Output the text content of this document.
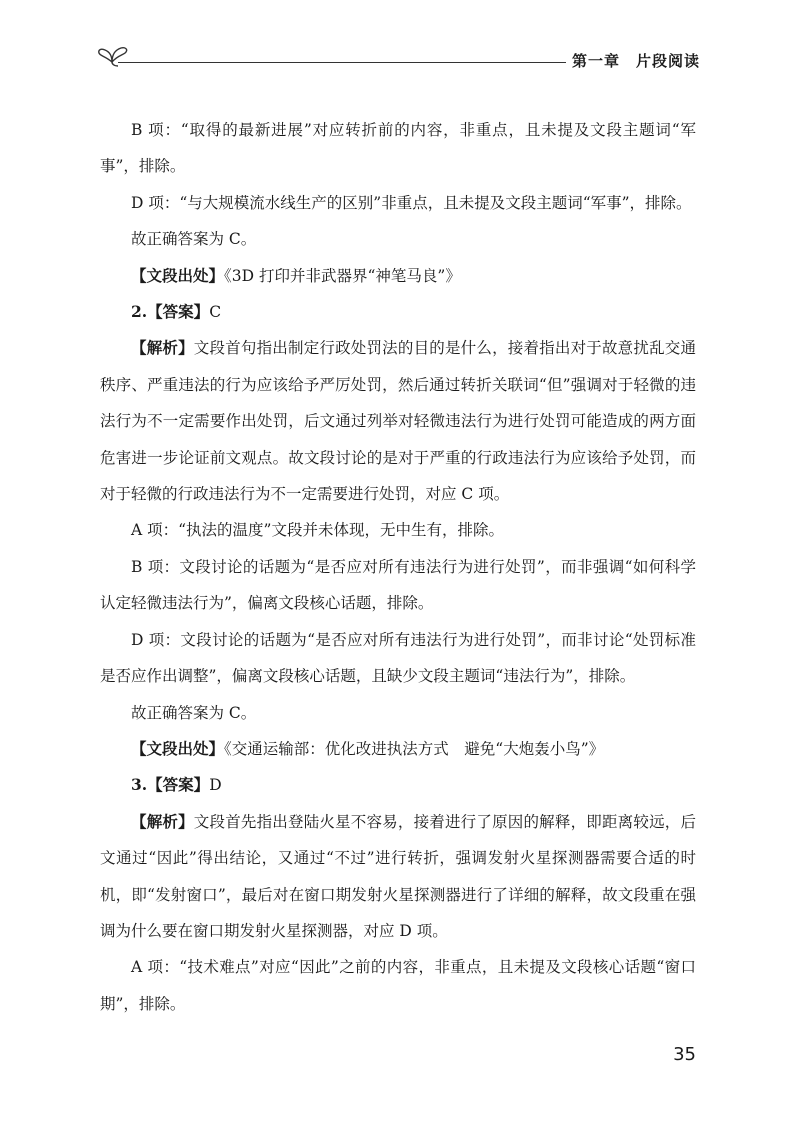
第一章　片段阅读

B 项：“取得的最新进展”对应转折前的内容，非重点，且未提及文段主题词“军事”，排除。

D 项：“与大规模流水线生产的区别”非重点，且未提及文段主题词“军事”，排除。

故正确答案为 C。

【文段出处】《3D 打印并非武器界“神笔马良”》

2.【答案】C

【解析】文段首句指出制定行政处罚法的目的是什么，接着指出对于故意扰乱交通秩序、严重违法的行为应该给予严厉处罚，然后通过转折关联词“但”强调对于轻微的违法行为不一定需要作出处罚，后文通过列举对轻微违法行为进行处罚可能造成的两方面危害进一步论证前文观点。故文段讨论的是对于严重的行政违法行为应该给予处罚，而对于轻微的行政违法行为不一定需要进行处罚，对应 C 项。

A 项：“执法的温度”文段并未体现，无中生有，排除。

B 项：文段讨论的话题为“是否应对所有违法行为进行处罚”，而非强调“如何科学认定轻微违法行为”，偏离文段核心话题，排除。

D 项：文段讨论的话题为“是否应对所有违法行为进行处罚”，而非讨论“处罚标准是否应作出调整”，偏离文段核心话题，且缺少文段主题词“违法行为”，排除。

故正确答案为 C。

【文段出处】《交通运输部：优化改进执法方式　避免“大炮轰小鸟”》

3.【答案】D

【解析】文段首先指出登陆火星不容易，接着进行了原因的解释，即距离较远，后文通过“因此”得出结论，又通过“不过”进行转折，强调发射火星探测器需要合适的时机，即“发射窗口”，最后对在窗口期发射火星探测器进行了详细的解释，故文段重在强调为什么要在窗口期发射火星探测器，对应 D 项。

A 项：“技术难点”对应“因此”之前的内容，非重点，且未提及文段核心话题“窗口期”，排除。

35
